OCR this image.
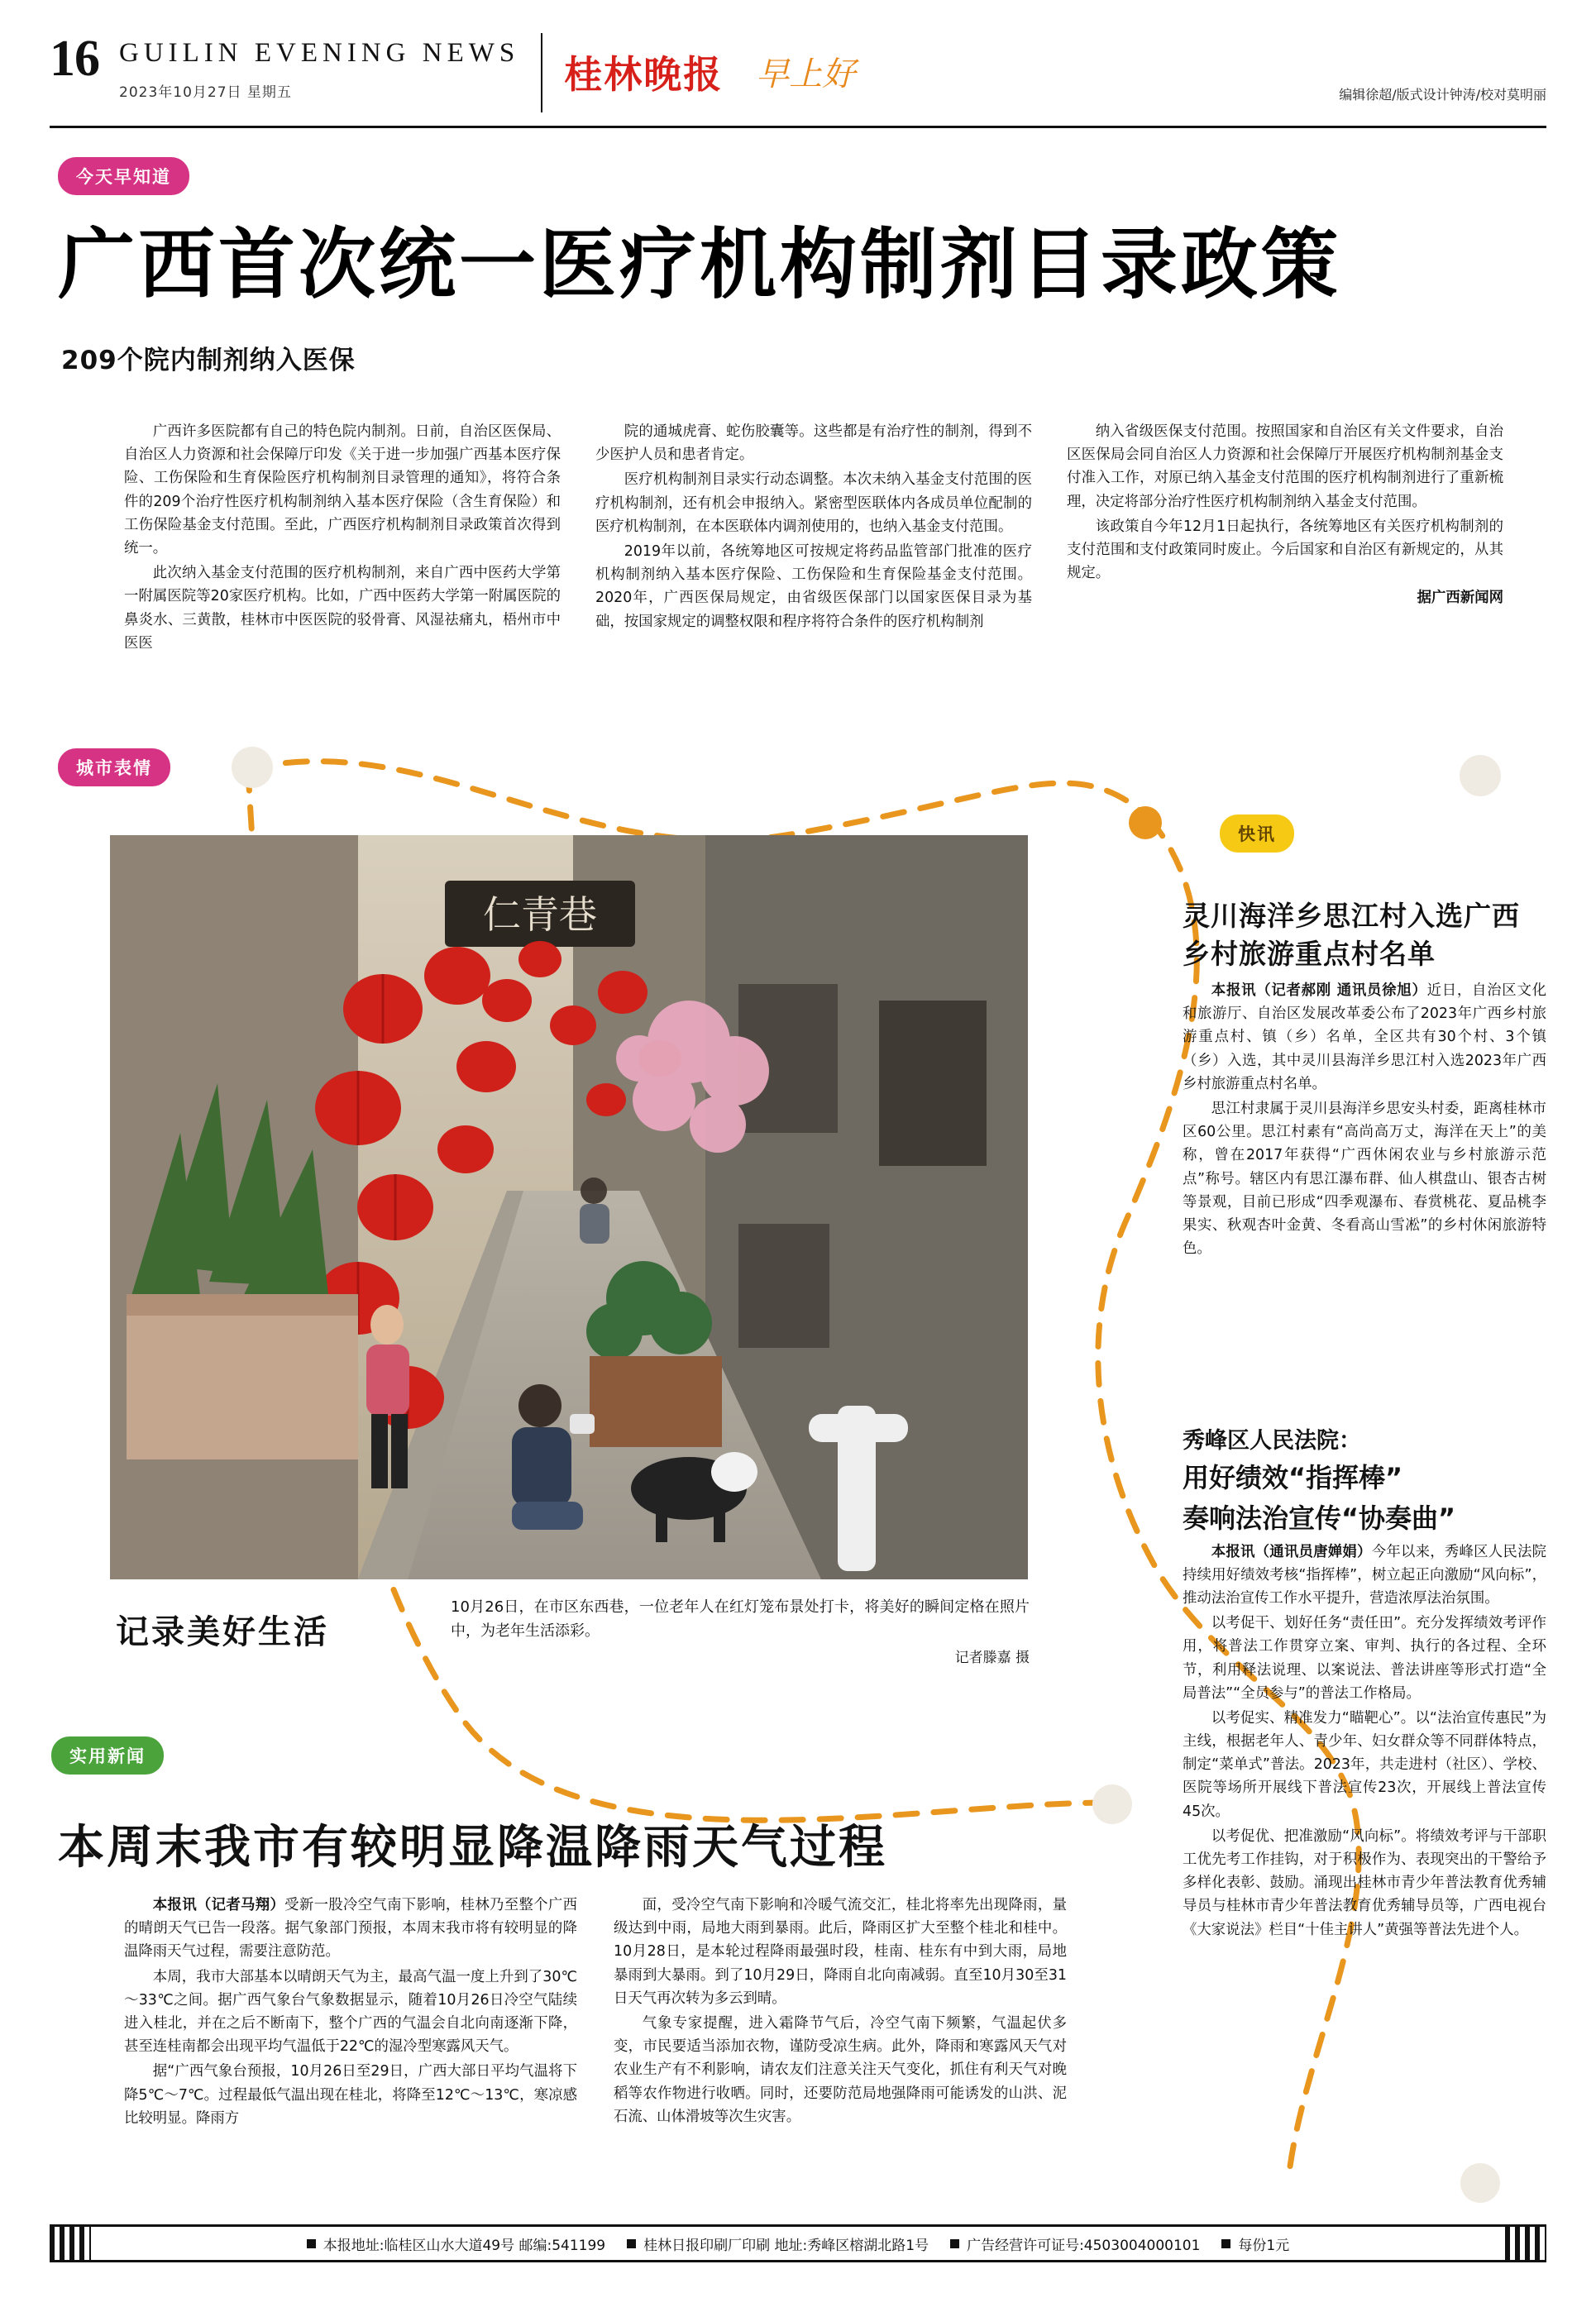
16 GUILIN EVENING NEWS
2023年10月27日 星期五	桂林晚报 早上好
编辑徐超/版式设计钟涛/校对莫明丽
今天早知道
城市表情
快讯
实用新闻
广西首次统一医疗机构制剂目录政策
209个院内制剂纳入医保

广西许多医院都有自己的特色院内制剂。日前，自治区医保局、自治区人力资源和社会保障厅印发《关于进一步加强广西基本医疗保险、工伤保险和生育保险医疗机构制剂目录管理的通知》，将符合条件的209个治疗性医疗机构制剂纳入基本医疗保险（含生育保险）和工伤保险基金支付范围。至此，广西医疗机构制剂目录政策首次得到统一。

此次纳入基金支付范围的医疗机构制剂，来自广西中医药大学第一附属医院等20家医疗机构。比如，广西中医药大学第一附属医院的鼻炎水、三黄散，桂林市中医医院的驳骨膏、风湿祛痛丸，梧州市中医医

院的通城虎膏、蛇伤胶囊等。这些都是有治疗性的制剂，得到不少医护人员和患者肯定。

医疗机构制剂目录实行动态调整。本次未纳入基金支付范围的医疗机构制剂，还有机会申报纳入。紧密型医联体内各成员单位配制的医疗机构制剂，在本医联体内调剂使用的，也纳入基金支付范围。

2019年以前，各统筹地区可按规定将药品监管部门批准的医疗机构制剂纳入基本医疗保险、工伤保险和生育保险基金支付范围。2020年，广西医保局规定，由省级医保部门以国家医保目录为基础，按国家规定的调整权限和程序将符合条件的医疗机构制剂

纳入省级医保支付范围。按照国家和自治区有关文件要求，自治区医保局会同自治区人力资源和社会保障厅开展医疗机构制剂基金支付准入工作，对原已纳入基金支付范围的医疗机构制剂进行了重新梳理，决定将部分治疗性医疗机构制剂纳入基金支付范围。

该政策自今年12月1日起执行，各统筹地区有关医疗机构制剂的支付范围和支付政策同时废止。今后国家和自治区有新规定的，从其规定。

据广西新闻网

仁青巷
记录美好生活
10月26日，在市区东西巷，一位老年人在红灯笼布景处打卡，将美好的瞬间定格在照片中，为老年生活添彩。
记者滕嘉 摄
灵川海洋乡思江村入选广西乡村旅游重点村名单

本报讯（记者郝刚 通讯员徐旭）近日，自治区文化和旅游厅、自治区发展改革委公布了2023年广西乡村旅游重点村、镇（乡）名单，全区共有30个村、3个镇（乡）入选，其中灵川县海洋乡思江村入选2023年广西乡村旅游重点村名单。

思江村隶属于灵川县海洋乡思安头村委，距离桂林市区60公里。思江村素有“高尚高万丈，海洋在天上”的美称，曾在2017年获得“广西休闲农业与乡村旅游示范点”称号。辖区内有思江瀑布群、仙人棋盘山、银杏古树等景观，目前已形成“四季观瀑布、春赏桃花、夏品桃李果实、秋观杏叶金黄、冬看高山雪凇”的乡村休闲旅游特色。

秀峰区人民法院：
用好绩效“指挥棒”
奏响法治宣传“协奏曲”

本报讯（通讯员唐婵娟）今年以来，秀峰区人民法院持续用好绩效考核“指挥棒”，树立起正向激励“风向标”，推动法治宣传工作水平提升，营造浓厚法治氛围。

以考促干、划好任务“责任田”。充分发挥绩效考评作用，将普法工作贯穿立案、审判、执行的各过程、全环节，利用释法说理、以案说法、普法讲座等形式打造“全局普法”“全员参与”的普法工作格局。

以考促实、精准发力“瞄靶心”。以“法治宣传惠民”为主线，根据老年人、青少年、妇女群众等不同群体特点，制定“菜单式”普法。2023年，共走进村（社区）、学校、医院等场所开展线下普法宣传23次，开展线上普法宣传45次。

以考促优、把准激励“风向标”。将绩效考评与干部职工优先考工作挂钩，对于积极作为、表现突出的干警给予多样化表彰、鼓励。涌现出桂林市青少年普法教育优秀辅导员与桂林市青少年普法教育优秀辅导员等，广西电视台《大家说法》栏目“十佳主讲人”黄强等普法先进个人。

本周末我市有较明显降温降雨天气过程

本报讯（记者马翔）受新一股冷空气南下影响，桂林乃至整个广西的晴朗天气已告一段落。据气象部门预报，本周末我市将有较明显的降温降雨天气过程，需要注意防范。

本周，我市大部基本以晴朗天气为主，最高气温一度上升到了30℃～33℃之间。据广西气象台气象数据显示，随着10月26日冷空气陆续进入桂北，并在之后不断南下，整个广西的气温会自北向南逐渐下降，甚至连桂南都会出现平均气温低于22℃的湿冷型寒露风天气。

据“广西气象台预报，10月26日至29日，广西大部日平均气温将下降5℃～7℃。过程最低气温出现在桂北，将降至12℃～13℃，寒凉感比较明显。降雨方

面，受冷空气南下影响和冷暖气流交汇，桂北将率先出现降雨，量级达到中雨，局地大雨到暴雨。此后，降雨区扩大至整个桂北和桂中。10月28日，是本轮过程降雨最强时段，桂南、桂东有中到大雨，局地暴雨到大暴雨。到了10月29日，降雨自北向南减弱。直至10月30至31日天气再次转为多云到晴。

气象专家提醒，进入霜降节气后，冷空气南下频繁，气温起伏多变，市民要适当添加衣物，谨防受凉生病。此外，降雨和寒露风天气对农业生产有不利影响，请农友们注意关注天气变化，抓住有利天气对晚稻等农作物进行收晒。同时，还要防范局地强降雨可能诱发的山洪、泥石流、山体滑坡等次生灾害。

本报地址:临桂区山水大道49号 邮编:541199	桂林日报印刷厂印刷 地址:秀峰区榕湖北路1号	广告经营许可证号:4503004000101	每份1元
